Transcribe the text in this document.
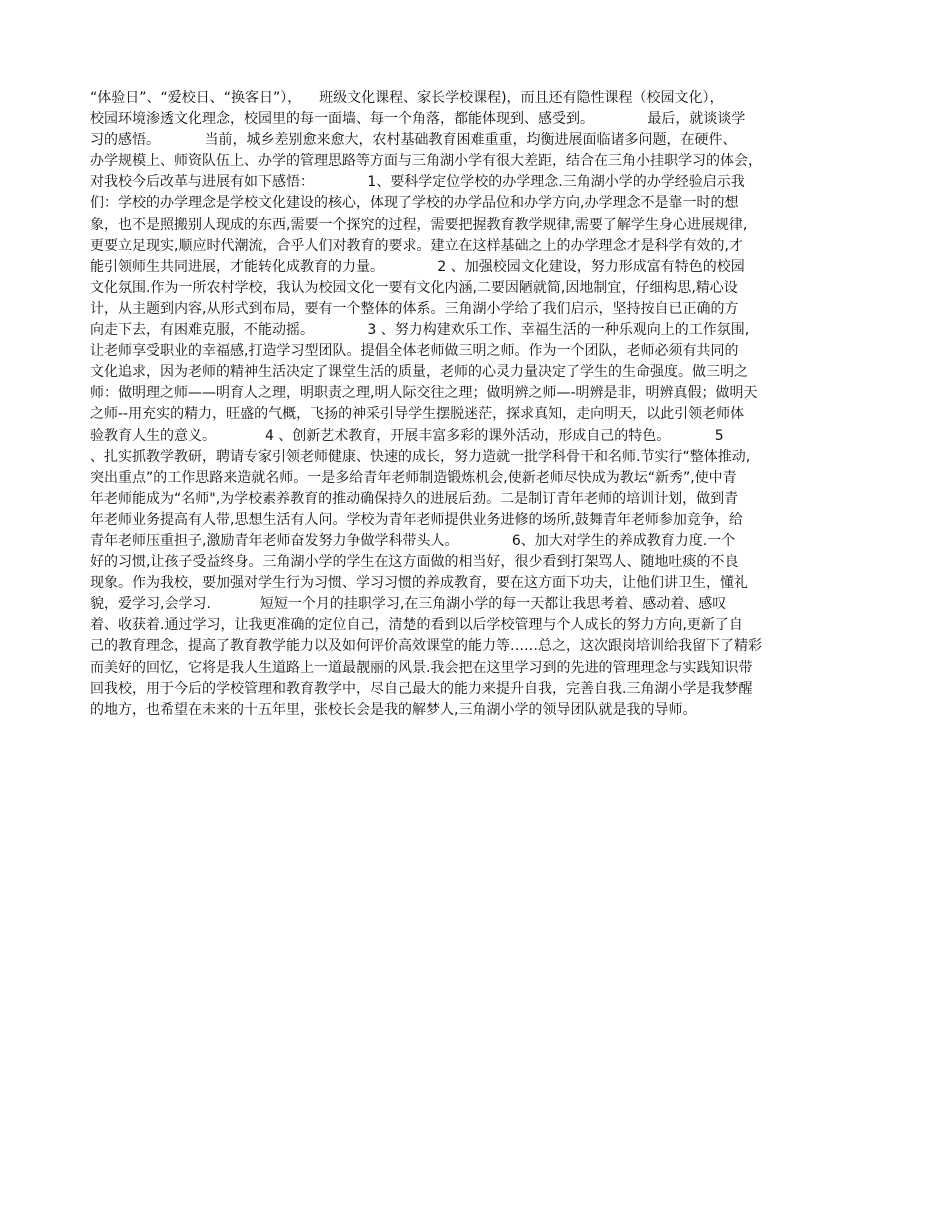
“体验日”、“爱校日、“换客日”），    班级文化课程、家长学校课程)，而且还有隐性课程（校园文化），
校园环境渗透文化理念，校园里的每一面墙、每一个角落，都能体现到、感受到。            最后，就谈谈学
习的感悟。          当前，城乡差别愈来愈大，农村基础教育困难重重，均衡进展面临诸多问题，在硬件、
办学规模上、师资队伍上、办学的管理思路等方面与三角湖小学有很大差距，结合在三角小挂职学习的体会，
对我校今后改革与进展有如下感悟：            1、要科学定位学校的办学理念.三角湖小学的办学经验启示我
们：学校的办学理念是学校文化建设的核心，体现了学校的办学品位和办学方向,办学理念不是靠一时的想
象，也不是照搬别人现成的东西,需要一个探究的过程，需要把握教育教学规律,需要了解学生身心进展规律,
更要立足现实,顺应时代潮流，合乎人们对教育的要求。建立在这样基础之上的办学理念才是科学有效的,才
能引领师生共同进展，才能转化成教育的力量。            2 、加强校园文化建设，努力形成富有特色的校园
文化氛围.作为一所农村学校，我认为校园文化一要有文化内涵,二要因陋就简,因地制宜，仔细构思,精心设
计，从主题到内容,从形式到布局，要有一个整体的体系。三角湖小学给了我们启示，坚持按自已正确的方
向走下去，有困难克服，不能动摇。            3 、努力构建欢乐工作、幸福生活的一种乐观向上的工作氛围,
让老师享受职业的幸福感,打造学习型团队。提倡全体老师做三明之师。作为一个团队，老师必须有共同的
文化追求，因为老师的精神生活决定了课堂生活的质量，老师的心灵力量决定了学生的生命强度。做三明之
师：做明理之师——明育人之理，明职责之理,明人际交往之理；做明辨之师—-明辨是非，明辨真假；做明天
之师--用充实的精力，旺盛的气概，飞扬的神采引导学生摆脱迷茫，探求真知，走向明天，以此引领老师体
验教育人生的意义。           4 、创新艺术教育，开展丰富多彩的课外活动，形成自己的特色。          5
、扎实抓教学教研，聘请专家引领老师健康、快速的成长，努力造就一批学科骨干和名师.节实行“整体推动,
突出重点”的工作思路来造就名师。一是多给青年老师制造锻炼机会,使新老师尽快成为教坛“新秀”,使中青
年老师能成为“名师",为学校素养教育的推动确保持久的进展后劲。二是制订青年老师的培训计划，做到青
年老师业务提高有人带,思想生活有人问。学校为青年老师提供业务进修的场所,鼓舞青年老师参加竞争，给
青年老师压重担子,激励青年老师奋发努力争做学科带头人。            6、加大对学生的养成教育力度.一个
好的习惯,让孩子受益终身。三角湖小学的学生在这方面做的相当好，很少看到打架骂人、随地吐痰的不良
现象。作为我校，要加强对学生行为习惯、学习习惯的养成教育，要在这方面下功夫，让他们讲卫生，懂礼
貌，爱学习,会学习.           短短一个月的挂职学习,在三角湖小学的每一天都让我思考着、感动着、感叹
着、收获着.通过学习，让我更准确的定位自己，清楚的看到以后学校管理与个人成长的努力方向,更新了自
己的教育理念，提高了教育教学能力以及如何评价高效课堂的能力等……总之，这次跟岗培训给我留下了精彩
而美好的回忆，它将是我人生道路上一道最靓丽的风景.我会把在这里学习到的先进的管理理念与实践知识带
回我校，用于今后的学校管理和教育教学中，尽自己最大的能力来提升自我，完善自我.三角湖小学是我梦醒
的地方，也希望在未来的十五年里，张校长会是我的解梦人,三角湖小学的领导团队就是我的导师。
